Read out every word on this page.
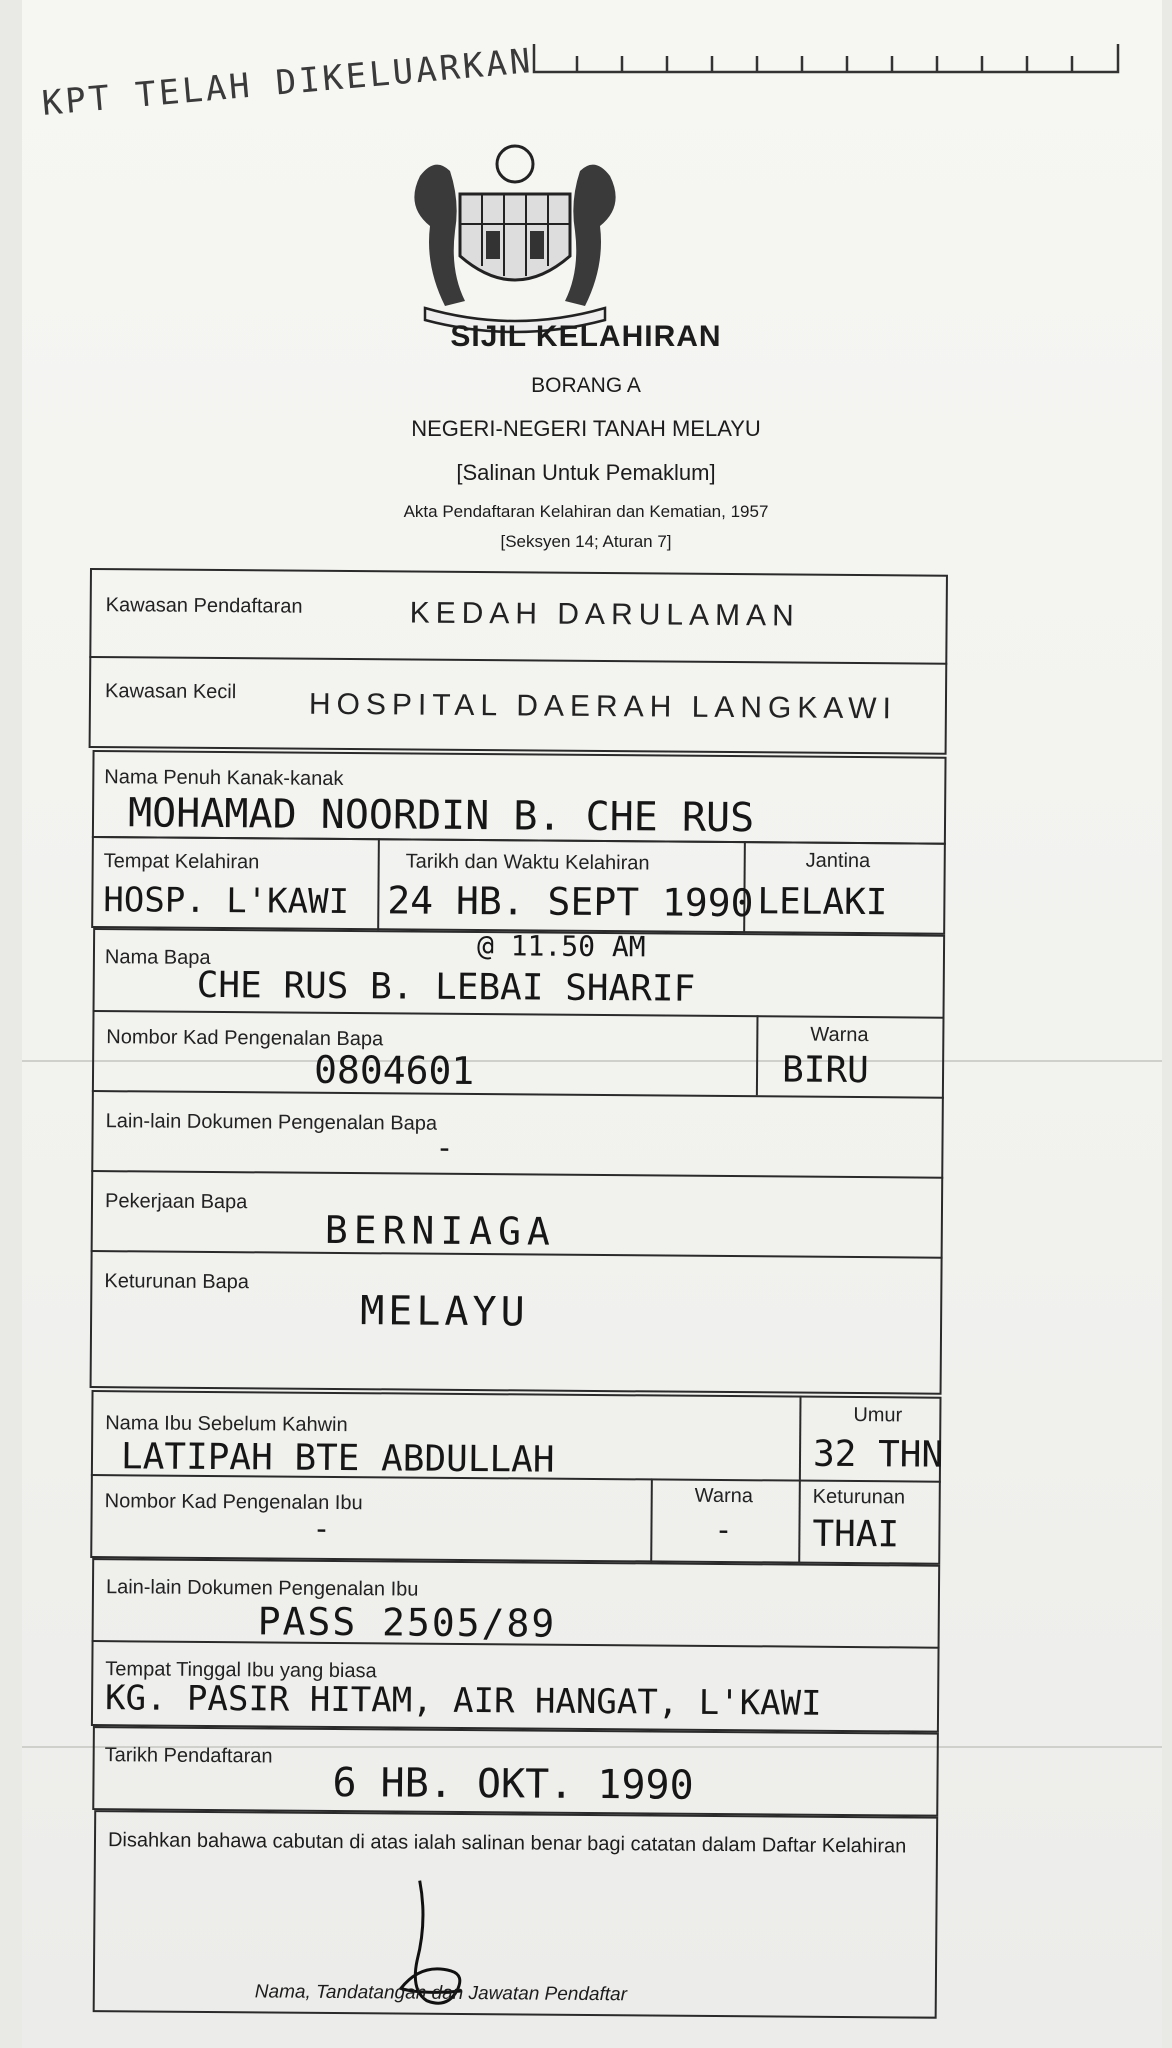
KPT TELAH DIKELUARKAN
SIJIL KELAHIRAN
BORANG A
NEGERI-NEGERI TANAH MELAYU
[Salinan Untuk Pemaklum]
Akta Pendaftaran Kelahiran dan Kematian, 1957
[Seksyen 14; Aturan 7]
Kawasan Pendaftaran	KEDAH DARULAMAN
Kawasan Kecil HOSPITAL DAERAH LANGKAWI
Nama Penuh Kanak-kanak
MOHAMAD NOORDIN B. CHE RUS
Tempat Kelahiran
HOSP. L'KAWI
Tarikh dan Waktu Kelahiran
24 HB. SEPT 1990
Jantina
LELAKI
Nama Bapa	@ 11.50 AM
CHE RUS B. LEBAI SHARIF
Nombor Kad Pengenalan Bapa
0804601
Warna
BIRU
Lain-lain Dokumen Pengenalan Bapa
-
Pekerjaan Bapa
BERNIAGA
Keturunan Bapa
MELAYU
Nama Ibu Sebelum Kahwin
LATIPAH BTE ABDULLAH
Umur
32 THN
Nombor Kad Pengenalan Ibu
-
Warna
-
Keturunan
THAI
Lain-lain Dokumen Pengenalan Ibu
PASS 2505/89
Tempat Tinggal Ibu yang biasa
KG. PASIR HITAM, AIR HANGAT, L'KAWI
Tarikh Pendaftaran
6 HB. OKT. 1990
Disahkan bahawa cabutan di atas ialah salinan benar bagi catatan dalam Daftar Kelahiran
Nama, Tandatangan dan Jawatan Pendaftar
